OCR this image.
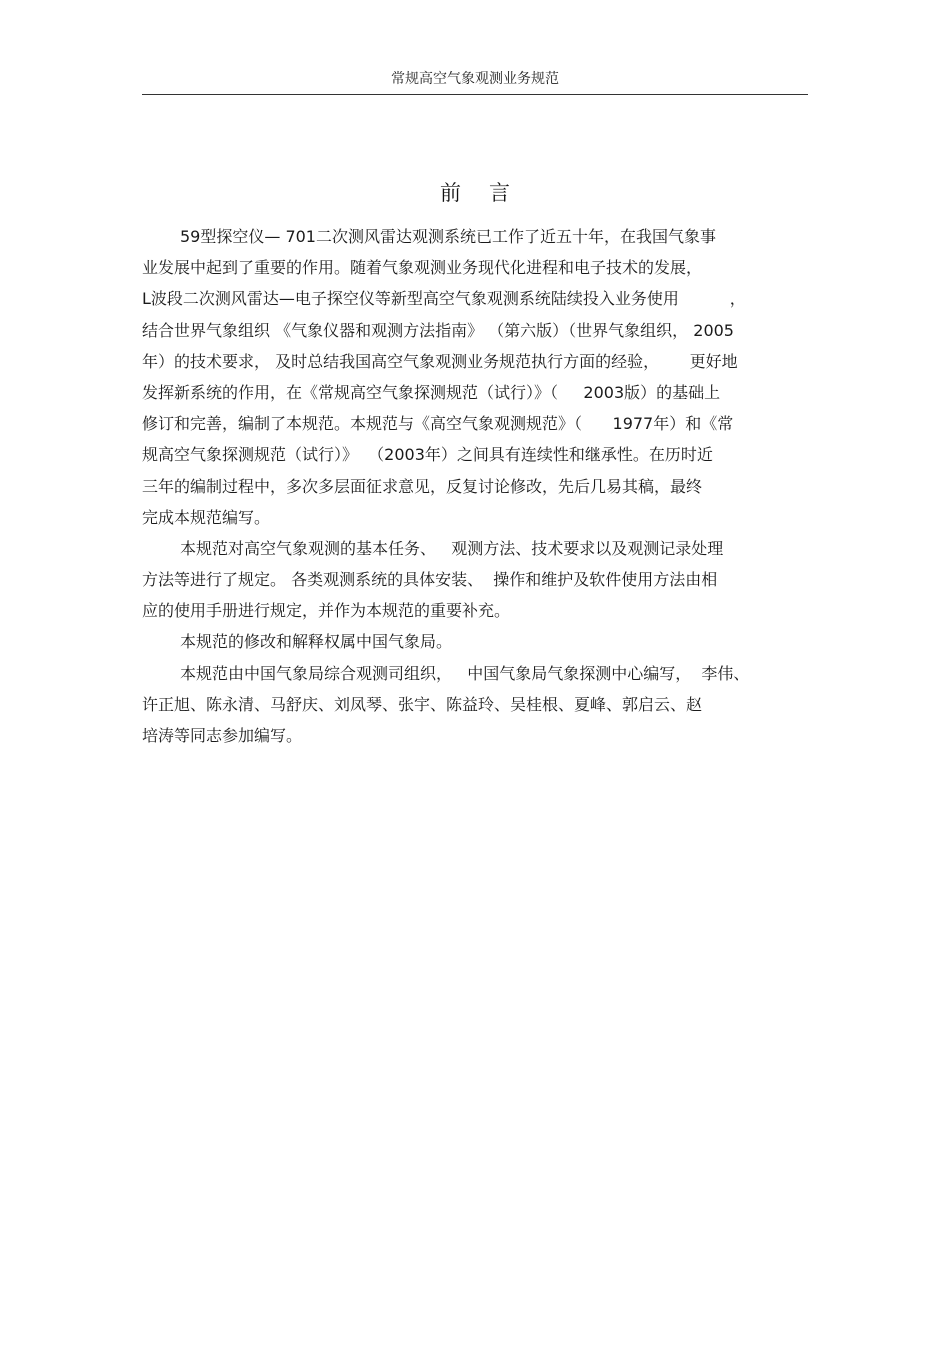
常规高空气象观测业务规范
前言
59型探空仪— 701二次测风雷达观测系统已工作了近五十年，在我国气象事
业发展中起到了重要的作用。随着气象观测业务现代化进程和电子技术的发展，
L波段二次测风雷达—电子探空仪等新型高空气象观测系统陆续投入业务使用          ，
结合世界气象组织 《气象仪器和观测方法指南》 （第六版）（世界气象组织， 2005
年）的技术要求， 及时总结我国高空气象观测业务规范执行方面的经验，      更好地
发挥新系统的作用，在《常规高空气象探测规范（试行）》（     2003版）的基础上
修订和完善，编制了本规范。本规范与《高空气象观测规范》（      1977年）和《常
规高空气象探测规范（试行）》  （2003年）之间具有连续性和继承性。在历时近
三年的编制过程中，多次多层面征求意见，反复讨论修改，先后几易其稿，最终
完成本规范编写。
本规范对高空气象观测的基本任务、   观测方法、技术要求以及观测记录处理
方法等进行了规定。 各类观测系统的具体安装、  操作和维护及软件使用方法由相
应的使用手册进行规定，并作为本规范的重要补充。
本规范的修改和解释权属中国气象局。
本规范由中国气象局综合观测司组织，   中国气象局气象探测中心编写，  李伟、
许正旭、陈永清、马舒庆、刘凤琴、张宇、陈益玲、吴桂根、夏峰、郭启云、赵
培涛等同志参加编写。
